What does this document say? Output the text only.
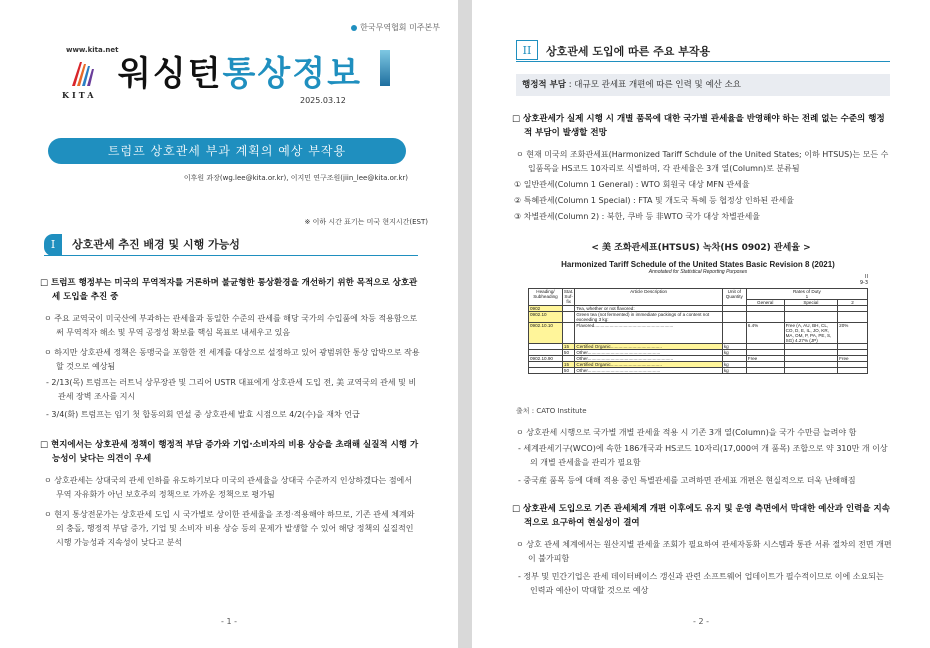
한국무역협회 미주본부
www.kita.net
KITA
워싱턴통상정보
2025.03.12
트럼프 상호관세 부과 계획의 예상 부작용
이후원 과장(wg.lee@kita.or.kr), 이지민 연구조원(jiin_lee@kita.or.kr)
※ 이하 시간 표기는 미국 현지시간(EST)
I 상호관세 추진 배경 및 시행 가능성
□ 트럼프 행정부는 미국의 무역적자를 거론하며 불균형한 통상환경을 개선하기 위한 목적으로 상호관세 도입을 추진 중
ㅇ 주요 교역국이 미국산에 부과하는 관세율과 동일한 수준의 관세를 해당 국가의 수입품에 차등 적용함으로써 무역적자 해소 및 무역 공정성 확보를 핵심 목표로 내세우고 있음
ㅇ 하지만 상호관세 정책은 동맹국을 포함한 전 세계를 대상으로 설정하고 있어 광범위한 통상 압박으로 작용할 것으로 예상됨
- 2/13(목) 트럼프는 러트닉 상무장관 및 그리어 USTR 대표에게 상호관세 도입 전, 美 교역국의 관세 및 비관세 장벽 조사를 지시
- 3/4(화) 트럼프는 임기 첫 합동의회 연설 중 상호관세 발효 시점으로 4/2(수)을 재차 언급
□ 현지에서는 상호관세 정책이 행정적 부담 증가와 기업·소비자의 비용 상승을 초래해 실질적 시행 가능성이 낮다는 의견이 우세
ㅇ 상호관세는 상대국의 관세 인하를 유도하기보다 미국의 관세율을 상대국 수준까지 인상하겠다는 점에서 무역 자유화가 아닌 보호주의 정책으로 가까운 정책으로 평가됨
ㅇ 현지 통상전문가는 상호관세 도입 시 국가별로 상이한 관세율을 조정·적용해야 하므로, 기존 관세 체계와의 충돌, 행정적 부담 증가, 기업 및 소비자 비용 상승 등의 문제가 발생할 수 있어 해당 정책의 실질적인 시행 가능성과 지속성이 낮다고 분석
- 1 -
II 상호관세 도입에 따른 주요 부작용
행정적 부담 : 대규모 관세표 개편에 따른 인력 및 예산 소요
□ 상호관세가 실제 시행 시 개별 품목에 대한 국가별 관세율을 반영해야 하는 전례 없는 수준의 행정적 부담이 발생할 전망
ㅇ 현재 미국의 조화관세표(Harmonized Tariff Schdule of the United States; 이하 HTSUS)는 모든 수입품목을 HS코드 10자리로 식별하며, 각 관세율은 3개 열(Column)로 분류됨
① 일반관세(Column 1 General) : WTO 회원국 대상 MFN 관세율
② 특혜관세(Column 1 Special) : FTA 및 개도국 특혜 등 협정상 인하된 관세율
③ 차별관세(Column 2) : 북한, 쿠바 등 非WTO 국가 대상 차별관세율
< 美 조화관세표(HTSUS) 녹차(HS 0902) 관세율 >
Harmonized Tariff Schedule of the United States Basic Revision 8 (2021)
Annotated for Statistical Reporting Purposes
II
9-3
Heading/ Subheading	Stat. Suf- fix	Article Description	Unit of Quantity	Rates of Duty
1		

				General	Special	2
0902		Tea, whether or not flavored:				
0902.10		Green tea (not fermented) in immediate packings of a content not exceeding 3 kg:				
0902.10.10		Flavored..............................................................		6.4%	Free (A, AU, BH, CL, CO, D, E, IL, JO, KR, MA, OM, P, PA, PE, S, SG) 4.27% (JP)	20%
	15	Certified Organic........................................	kg			
	50	Other.........................................................	kg			
0902.10.90		Other...................................................................		Free		Free
	15	Certified Organic........................................	kg			
	50	Other.........................................................	kg			
출처 : CATO Institute
ㅇ 상호관세 시행으로 국가별 개별 관세율 적용 시 기존 3개 열(Column)을 국가 수만큼 늘려야 함
- 세계관세기구(WCO)에 속한 186개국과 HS코드 10자리(17,000여 개 품목) 조합으로 약 310만 개 이상의 개별 관세율을 관리가 필요함
- 중국産 품목 등에 대해 적용 중인 특별관세를 고려하면 관세표 개편은 현실적으로 더욱 난해해짐
□ 상호관세 도입으로 기존 관세체계 개편 이후에도 유지 및 운영 측면에서 막대한 예산과 인력을 지속적으로 요구하여 현실성이 결여
ㅇ 상호 관세 체계에서는 원산지별 관세율 조회가 필요하여 관세자동화 시스템과 통관 서류 절차의 전면 개편이 불가피함
- 정부 및 민간기업은 관세 데이터베이스 갱신과 관련 소프트웨어 업데이트가 필수적이므로 이에 소요되는 인력과 예산이 막대할 것으로 예상
- 2 -
